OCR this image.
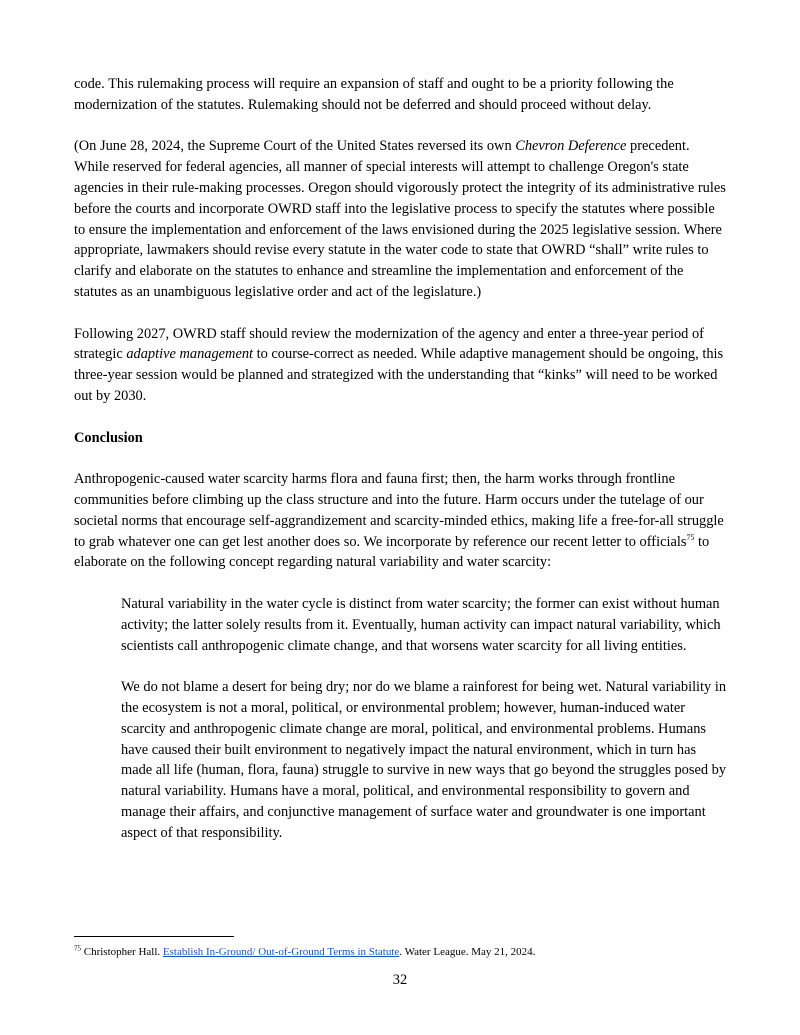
code. This rulemaking process will require an expansion of staff and ought to be a priority following the modernization of the statutes. Rulemaking should not be deferred and should proceed without delay.

(On June 28, 2024, the Supreme Court of the United States reversed its own Chevron Deference precedent. While reserved for federal agencies, all manner of special interests will attempt to challenge Oregon's state agencies in their rule-making processes. Oregon should vigorously protect the integrity of its administrative rules before the courts and incorporate OWRD staff into the legislative process to specify the statutes where possible to ensure the implementation and enforcement of the laws envisioned during the 2025 legislative session. Where appropriate, lawmakers should revise every statute in the water code to state that OWRD “shall” write rules to clarify and elaborate on the statutes to enhance and streamline the implementation and enforcement of the statutes as an unambiguous legislative order and act of the legislature.)

Following 2027, OWRD staff should review the modernization of the agency and enter a three-year period of strategic adaptive management to course-correct as needed. While adaptive management should be ongoing, this three-year session would be planned and strategized with the understanding that “kinks” will need to be worked out by 2030.

Conclusion

Anthropogenic-caused water scarcity harms flora and fauna first; then, the harm works through frontline communities before climbing up the class structure and into the future. Harm occurs under the tutelage of our societal norms that encourage self-aggrandizement and scarcity-minded ethics, making life a free-for-all struggle to grab whatever one can get lest another does so. We incorporate by reference our recent letter to officials$^{75}$ to elaborate on the following concept regarding natural variability and water scarcity:

Natural variability in the water cycle is distinct from water scarcity; the former can exist without human activity; the latter solely results from it. Eventually, human activity can impact natural variability, which scientists call anthropogenic climate change, and that worsens water scarcity for all living entities.

We do not blame a desert for being dry; nor do we blame a rainforest for being wet. Natural variability in the ecosystem is not a moral, political, or environmental problem; however, human-induced water scarcity and anthropogenic climate change are moral, political, and environmental problems. Humans have caused their built environment to negatively impact the natural environment, which in turn has made all life (human, flora, fauna) struggle to survive in new ways that go beyond the struggles posed by natural variability. Humans have a moral, political, and environmental responsibility to govern and manage their affairs, and conjunctive management of surface water and groundwater is one important aspect of that responsibility.

$^{75}$ Christopher Hall. Establish In-Ground/ Out-of-Ground Terms in Statute. Water League. May 21, 2024.
32
